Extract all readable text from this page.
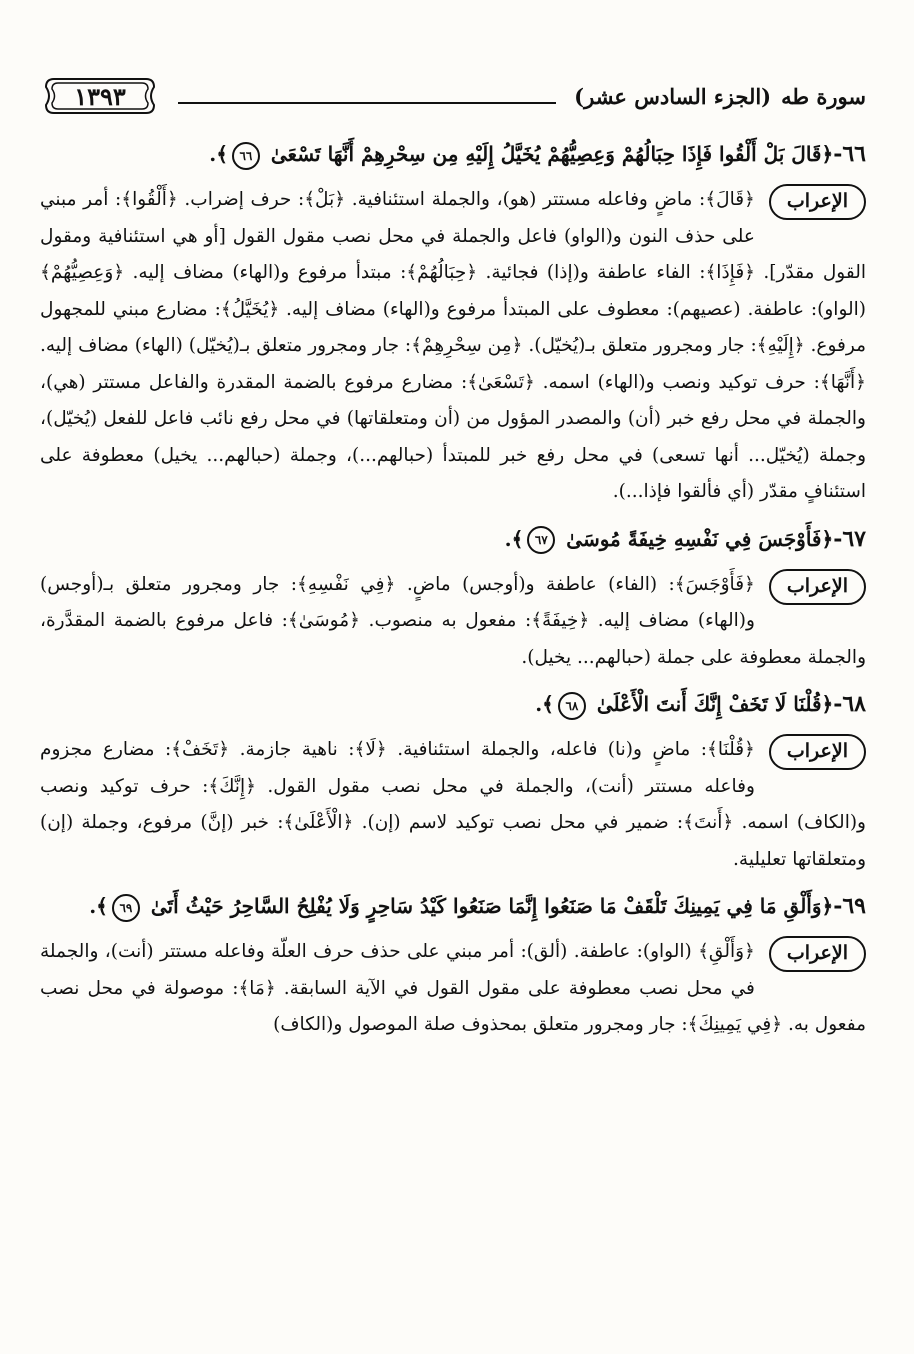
سورة طه
(الجزء السادس عشر)
١٣٩٣
٦٦-﴿قَالَ بَلْ أَلْقُوا فَإِذَا حِبَالُهُمْ وَعِصِيُّهُمْ يُخَيَّلُ إِلَيْهِ مِن سِحْرِهِمْ أَنَّهَا تَسْعَىٰ ٦٦﴾.
الإعراب
﴿قَالَ﴾: ماضٍ وفاعله مستتر (هو)، والجملة استئنافية. ﴿بَلْ﴾: حرف إضراب. ﴿أَلْقُوا﴾: أمر مبني على حذف النون و(الواو) فاعل والجملة في محل نصب مقول القول [أو هي استئنافية ومقول القول مقدّر]. ﴿فَإِذَا﴾: الفاء عاطفة و(إذا) فجائية. ﴿حِبَالُهُمْ﴾: مبتدأ مرفوع و(الهاء) مضاف إليه. ﴿وَعِصِيُّهُمْ﴾ (الواو): عاطفة. (عصيهم): معطوف على المبتدأ مرفوع و(الهاء) مضاف إليه. ﴿يُخَيَّلُ﴾: مضارع مبني للمجهول مرفوع. ﴿إِلَيْهِ﴾: جار ومجرور متعلق بـ(يُخيّل). ﴿مِن سِحْرِهِمْ﴾: جار ومجرور متعلق بـ(يُخيّل) (الهاء) مضاف إليه. ﴿أَنَّهَا﴾: حرف توكيد ونصب و(الهاء) اسمه. ﴿تَسْعَىٰ﴾: مضارع مرفوع بالضمة المقدرة والفاعل مستتر (هي)، والجملة في محل رفع خبر (أن) والمصدر المؤول من (أن ومتعلقاتها) في محل رفع نائب فاعل للفعل (يُخيّل)، وجملة (يُخيّل... أنها تسعى) في محل رفع خبر للمبتدأ (حبالهم...)، وجملة (حبالهم... يخيل) معطوفة على استئنافٍ مقدّر (أي فألقوا فإذا...).
٦٧-﴿فَأَوْجَسَ فِي نَفْسِهِ خِيفَةً مُوسَىٰ ٦٧﴾.
الإعراب
﴿فَأَوْجَسَ﴾: (الفاء) عاطفة و(أوجس) ماضٍ. ﴿فِي نَفْسِهِ﴾: جار ومجرور متعلق بـ(أوجس) و(الهاء) مضاف إليه. ﴿خِيفَةً﴾: مفعول به منصوب. ﴿مُوسَىٰ﴾: فاعل مرفوع بالضمة المقدَّرة، والجملة معطوفة على جملة (حبالهم... يخيل).
٦٨-﴿قُلْنَا لَا تَخَفْ إِنَّكَ أَنتَ الْأَعْلَىٰ ٦٨﴾.
الإعراب
﴿قُلْنَا﴾: ماضٍ و(نا) فاعله، والجملة استئنافية. ﴿لَا﴾: ناهية جازمة. ﴿تَخَفْ﴾: مضارع مجزوم وفاعله مستتر (أنت)، والجملة في محل نصب مقول القول. ﴿إِنَّكَ﴾: حرف توكيد ونصب و(الكاف) اسمه. ﴿أَنتَ﴾: ضمير في محل نصب توكيد لاسم (إن). ﴿الْأَعْلَىٰ﴾: خبر (إنَّ) مرفوع، وجملة (إن) ومتعلقاتها تعليلية.
٦٩-﴿وَأَلْقِ مَا فِي يَمِينِكَ تَلْقَفْ مَا صَنَعُوا إِنَّمَا صَنَعُوا كَيْدُ سَاحِرٍ وَلَا يُفْلِحُ السَّاحِرُ حَيْثُ أَتَىٰ ٦٩﴾.
الإعراب
﴿وَأَلْقِ﴾ (الواو): عاطفة. (ألق): أمر مبني على حذف حرف العلّة وفاعله مستتر (أنت)، والجملة في محل نصب معطوفة على مقول القول في الآية السابقة. ﴿مَا﴾: موصولة في محل نصب مفعول به. ﴿فِي يَمِينِكَ﴾: جار ومجرور متعلق بمحذوف صلة الموصول و(الكاف)
